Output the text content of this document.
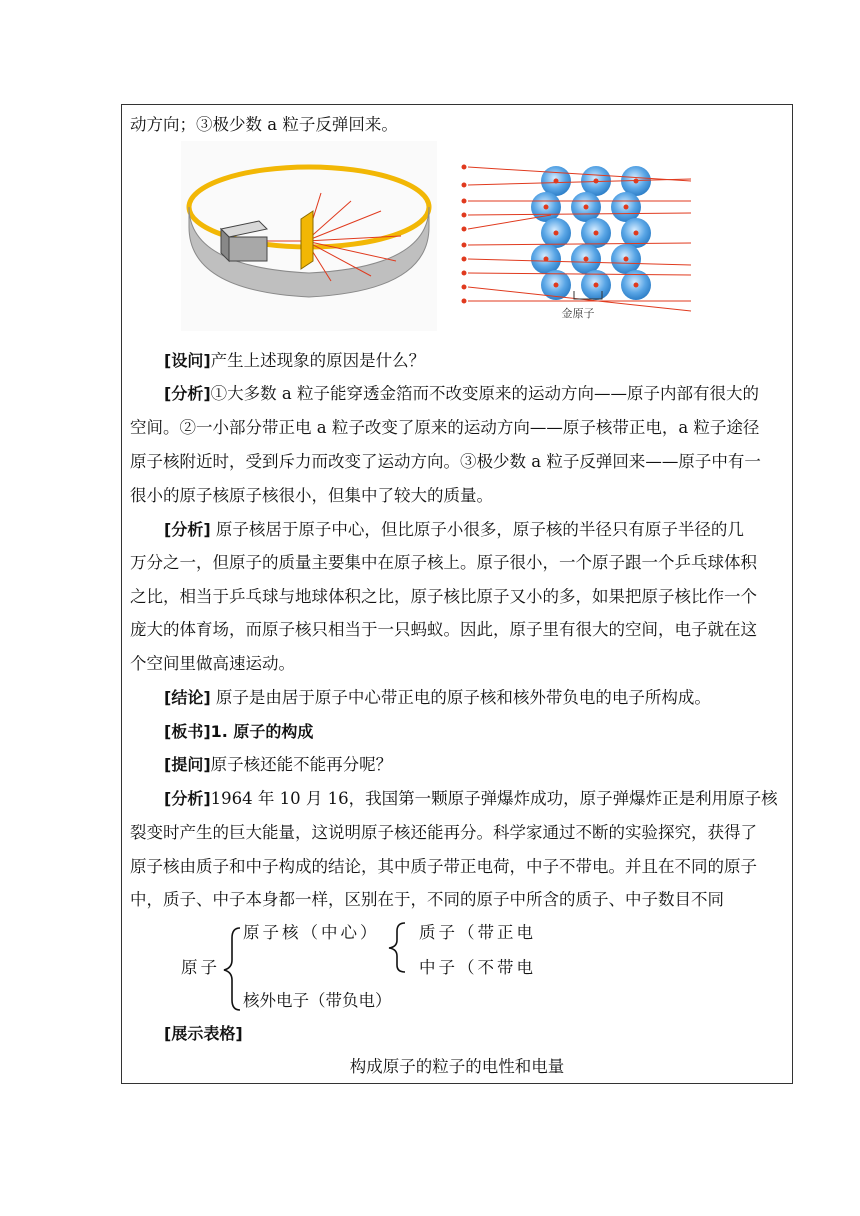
动方向；③极少数 a 粒子反弹回来。
金原子
[设问]产生上述现象的原因是什么？
[分析]①大多数 a 粒子能穿透金箔而不改变原来的运动方向——原子内部有很大的
空间。②一小部分带正电 a 粒子改变了原来的运动方向——原子核带正电，a 粒子途径
原子核附近时，受到斥力而改变了运动方向。③极少数 a 粒子反弹回来——原子中有一
很小的原子核原子核很小，但集中了较大的质量。
[分析] 原子核居于原子中心，但比原子小很多，原子核的半径只有原子半径的几
万分之一，但原子的质量主要集中在原子核上。原子很小，一个原子跟一个乒乓球体积
之比，相当于乒乓球与地球体积之比，原子核比原子又小的多，如果把原子核比作一个
庞大的体育场，而原子核只相当于一只蚂蚁。因此，原子里有很大的空间，电子就在这
个空间里做高速运动。
[结论] 原子是由居于原子中心带正电的原子核和核外带负电的电子所构成。
[板书]1. 原子的构成
[提问]原子核还能不能再分呢？
[分析]1964 年 10 月 16，我国第一颗原子弹爆炸成功，原子弹爆炸正是利用原子核
裂变时产生的巨大能量，这说明原子核还能再分。科学家通过不断的实验探究，获得了
原子核由质子和中子构成的结论，其中质子带正电荷，中子不带电。并且在不同的原子
中，质子、中子本身都一样，区别在于，不同的原子中所含的质子、中子数目不同
原子核（中心） 质子（带正电
原子	中子（不带电
核外电子（带负电）
[展示表格]
构成原子的粒子的电性和电量
